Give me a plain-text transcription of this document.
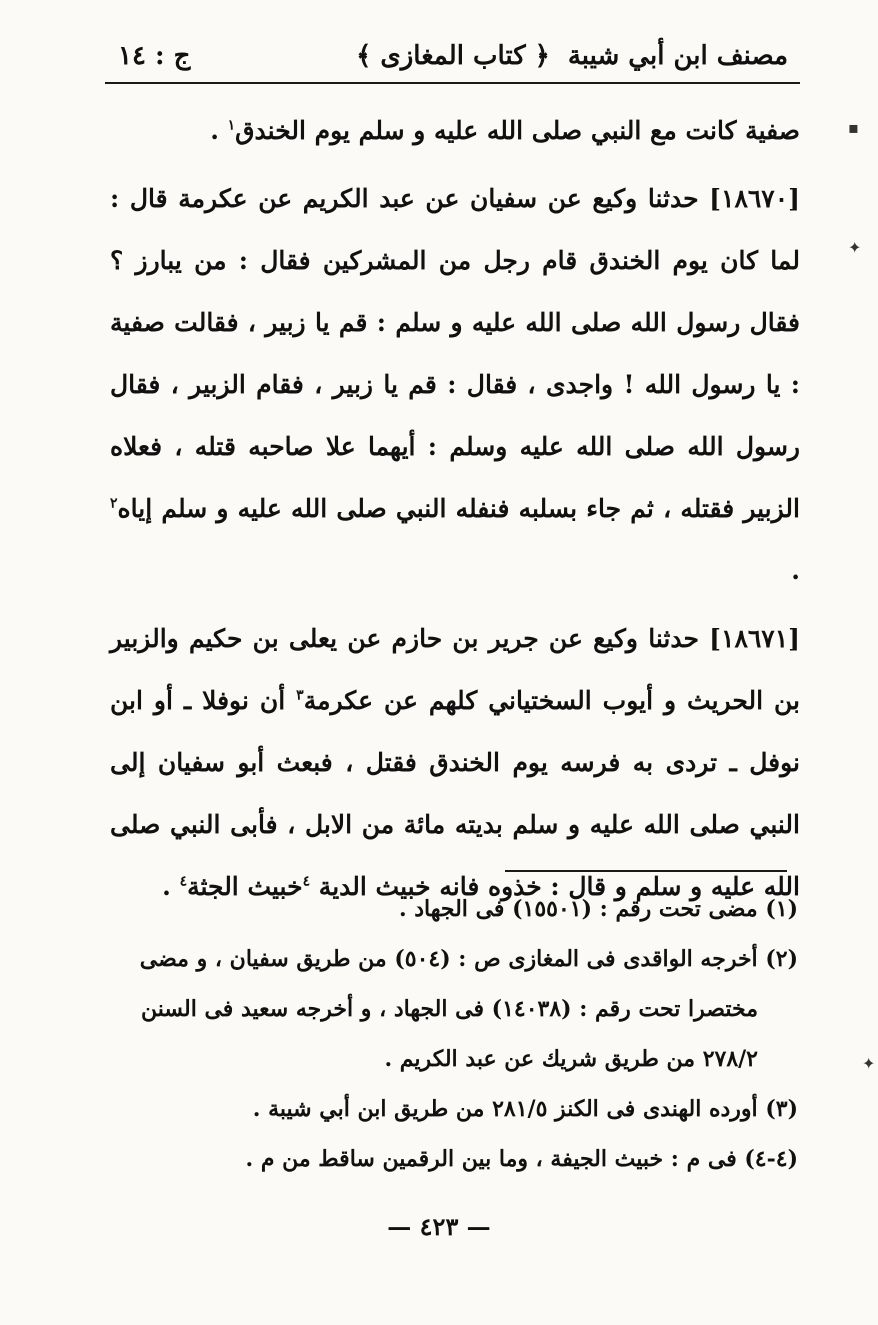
مصنف ابن أبي شيبة
﴿ كتاب المغازى ﴾
ج : ١٤

صفية كانت مع النبي صلى الله عليه و سلم يوم الخندق$^١$ .

[١٨٦٧٠] حدثنا وكيع عن سفيان عن عبد الكريم عن عكرمة قال : لما كان يوم الخندق قام رجل من المشركين فقال : من يبارز ؟ فقال رسول الله صلى الله عليه و سلم : قم يا زبير ، فقالت صفية : يا رسول الله ! واجدى ، فقال : قم يا زبير ، فقام الزبير ، فقال رسول الله صلى الله عليه وسلم : أيهما علا صاحبه قتله ، فعلاه الزبير فقتله ، ثم جاء بسلبه فنفله النبي صلى الله عليه و سلم إياه$^٢$ .

[١٨٦٧١] حدثنا وكيع عن جرير بن حازم عن يعلى بن حكيم والزبير بن الحريث و أيوب السختياني كلهم عن عكرمة$^٣$ أن نوفلا ـ أو ابن نوفل ـ تردى به فرسه يوم الخندق فقتل ، فبعث أبو سفيان إلى النبي صلى الله عليه و سلم بديته مائة من الابل ، فأبى النبي صلى الله عليه و سلم و قال : خذوه فانه خبيث الدية $^٤$خبيث الجثة$^٤$ .

(١) مضى تحت رقم : (١٥٥٠١) فى الجهاد .

(٢) أخرجه الواقدى فى المغازى ص : (٥٠٤) من طريق سفيان ، و مضى

مختصرا تحت رقم : (١٤٠٣٨) فى الجهاد ، و أخرجه سعيد فى السنن

٢٧٨/٢ من طريق شريك عن عبد الكريم .

(٣) أورده الهندى فى الكنز ٢٨١/٥ من طريق ابن أبي شيبة .

(٤-٤) فى م : خبيث الجيفة ، وما بين الرقمين ساقط من م .

— ٤٢٣ —
▪
✦
✦
